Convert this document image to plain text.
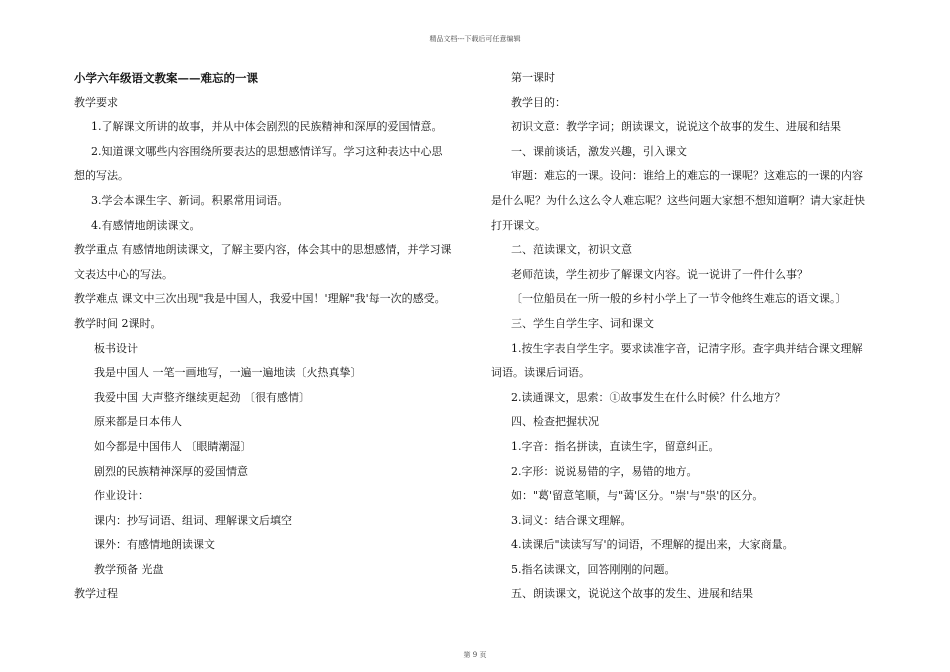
精品文档---下载后可任意编辑
小学六年级语文教案——难忘的一课
教学要求
1.了解课文所讲的故事，并从中体会剧烈的民族精神和深厚的爱国情意。
2.知道课文哪些内容围绕所要表达的思想感情详写。学习这种表达中心思
想的写法。
3.学会本课生字、新词。积累常用词语。
4.有感情地朗读课文。
教学重点 有感情地朗读课文，了解主要内容，体会其中的思想感情，并学习课
文表达中心的写法。
教学难点 课文中三次出现"我是中国人，我爱中国！'理解"我'每一次的感受。
教学时间 2课时。
板书设计
我是中国人 一笔一画地写，一遍一遍地读〔火热真挚〕
我爱中国 大声整齐继续更起劲 〔很有感情〕
原来都是日本伟人
如今都是中国伟人 〔眼睛潮湿〕
剧烈的民族精神深厚的爱国情意
作业设计：
课内：抄写词语、组词、理解课文后填空
课外：有感情地朗读课文
教学预备 光盘
教学过程
第一课时
教学目的：
初识文意：教学字词；朗读课文，说说这个故事的发生、进展和结果
一、课前谈话，激发兴趣，引入课文
审题：难忘的一课。设问：谁给上的难忘的一课呢？这难忘的一课的内容
是什么呢？为什么这么令人难忘呢？这些问题大家想不想知道啊？请大家赶快
打开课文。
二、范读课文，初识文意
老师范读，学生初步了解课文内容。说一说讲了一件什么事？
〔一位船员在一所一般的乡村小学上了一节令他终生难忘的语文课。〕
三、学生自学生字、词和课文
1.按生字表自学生字。要求读准字音，记清字形。查字典并结合课文理解
词语。读课后词语。
2.读通课文，思索：①故事发生在什么时候？什么地方？
四、检查把握状况
1.字音：指名拼读，直读生字，留意纠正。
2.字形：说说易错的字，易错的地方。
如："葛'留意笔顺，与"蔼'区分。"崇'与"祟'的区分。
3.词义：结合课文理解。
4.读课后"读读写写'的词语，不理解的提出来，大家商量。
5.指名读课文，回答刚刚的问题。
五、朗读课文，说说这个故事的发生、进展和结果
第 9 页
